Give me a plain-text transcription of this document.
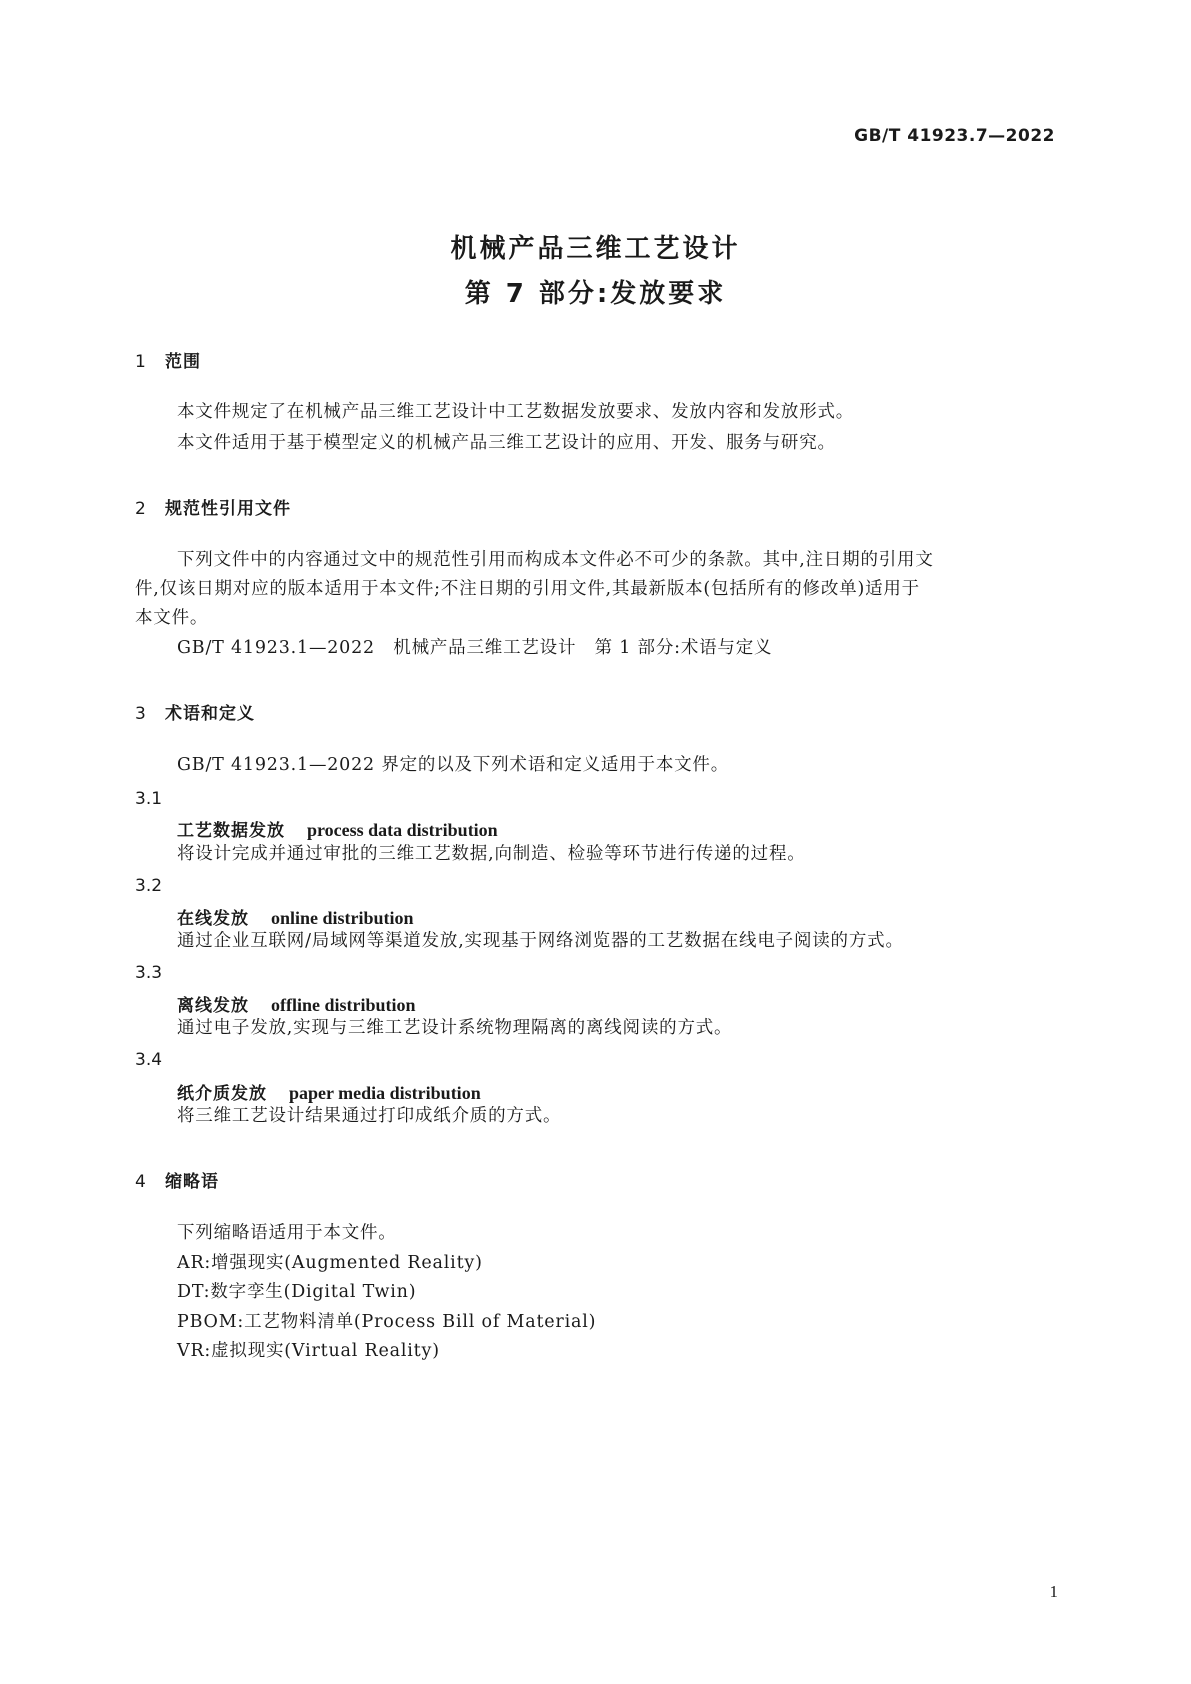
GB/T 41923.7—2022
机械产品三维工艺设计
第 7 部分:发放要求
1 范围
本文件规定了在机械产品三维工艺设计中工艺数据发放要求、发放内容和发放形式。
本文件适用于基于模型定义的机械产品三维工艺设计的应用、开发、服务与研究。
2 规范性引用文件
下列文件中的内容通过文中的规范性引用而构成本文件必不可少的条款。其中,注日期的引用文
件,仅该日期对应的版本适用于本文件;不注日期的引用文件,其最新版本(包括所有的修改单)适用于
本文件。
GB/T 41923.1—2022　机械产品三维工艺设计　第 1 部分:术语与定义
3 术语和定义
GB/T 41923.1—2022 界定的以及下列术语和定义适用于本文件。
3.1
工艺数据发放 process data distribution
将设计完成并通过审批的三维工艺数据,向制造、检验等环节进行传递的过程。
3.2
在线发放 online distribution
通过企业互联网/局域网等渠道发放,实现基于网络浏览器的工艺数据在线电子阅读的方式。
3.3
离线发放 offline distribution
通过电子发放,实现与三维工艺设计系统物理隔离的离线阅读的方式。
3.4
纸介质发放 paper media distribution
将三维工艺设计结果通过打印成纸介质的方式。
4 缩略语
下列缩略语适用于本文件。
AR:增强现实(Augmented Reality)
DT:数字孪生(Digital Twin)
PBOM:工艺物料清单(Process Bill of Material)
VR:虚拟现实(Virtual Reality)
1
